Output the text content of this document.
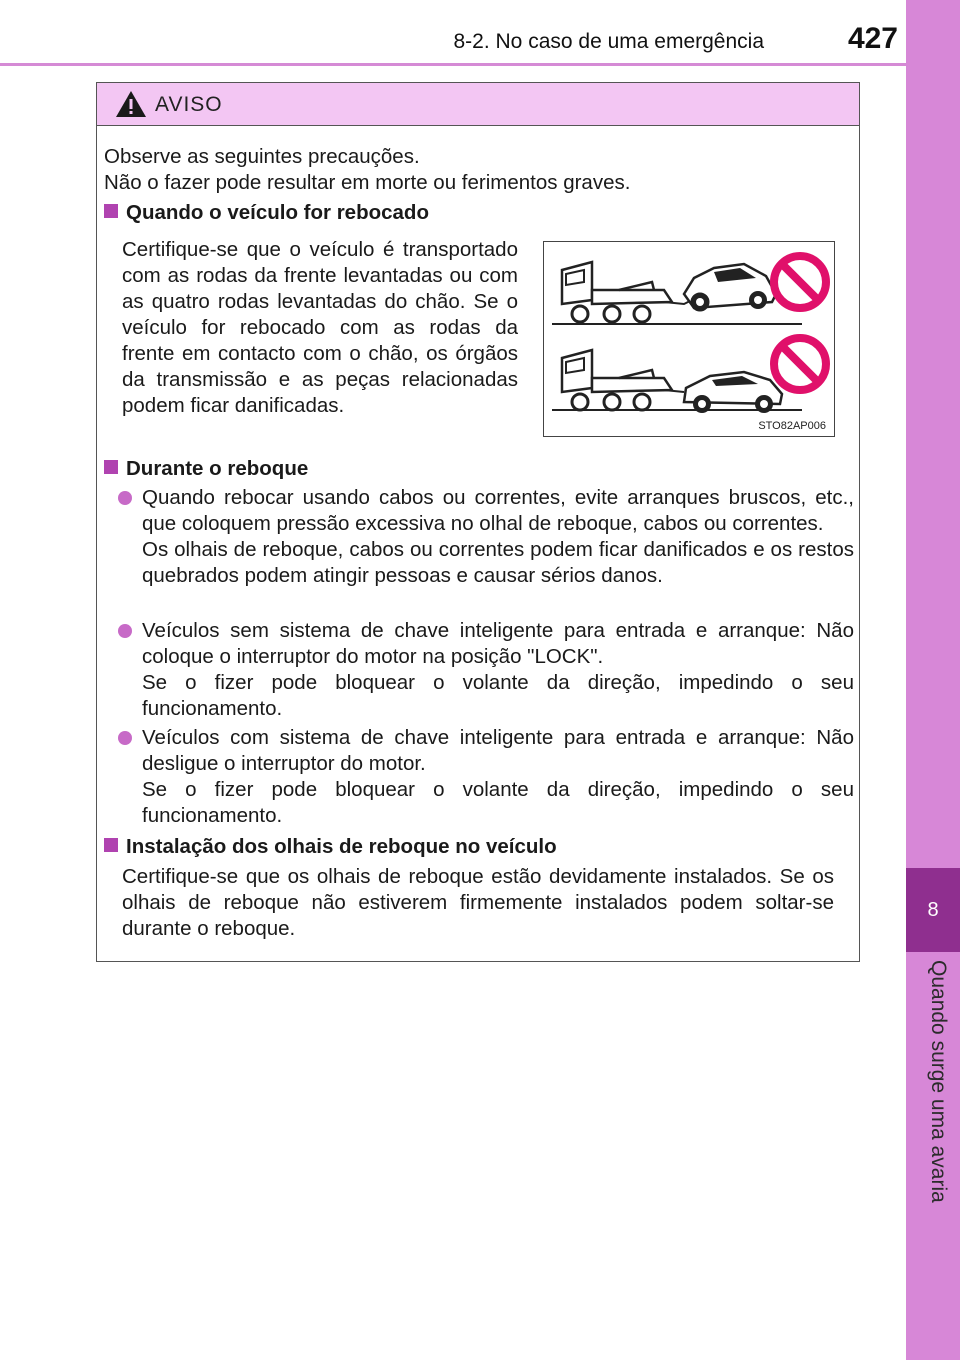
8-2. No caso de uma emergência	427
8
Quando surge uma avaria
AVISO
Observe as seguintes precauções.
Não o fazer pode resultar em morte ou ferimentos graves.
Quando o veículo for rebocado
Certifique-se que o veículo é transportado com as rodas da frente levantadas ou com as quatro rodas levantadas do chão. Se o veículo for rebocado com as rodas da frente em contacto com o chão, os órgãos da transmissão e as peças relacionadas podem ficar danificadas.
STO82AP006
Durante o reboque
Quando rebocar usando cabos ou correntes, evite arranques bruscos, etc., que coloquem pressão excessiva no olhal de reboque, cabos ou correntes.
Os olhais de reboque, cabos ou correntes podem ficar danificados e os restos quebrados podem atingir pessoas e causar sérios danos.
Veículos sem sistema de chave inteligente para entrada e arranque: Não coloque o interruptor do motor na posição "LOCK".
Se o fizer pode bloquear o volante da direção, impedindo o seu funcionamento.
Veículos com sistema de chave inteligente para entrada e arranque: Não desligue o interruptor do motor.
Se o fizer pode bloquear o volante da direção, impedindo o seu funcionamento.
Instalação dos olhais de reboque no veículo
Certifique-se que os olhais de reboque estão devidamente instalados. Se os olhais de reboque não estiverem firmemente instalados podem soltar-se durante o reboque.
